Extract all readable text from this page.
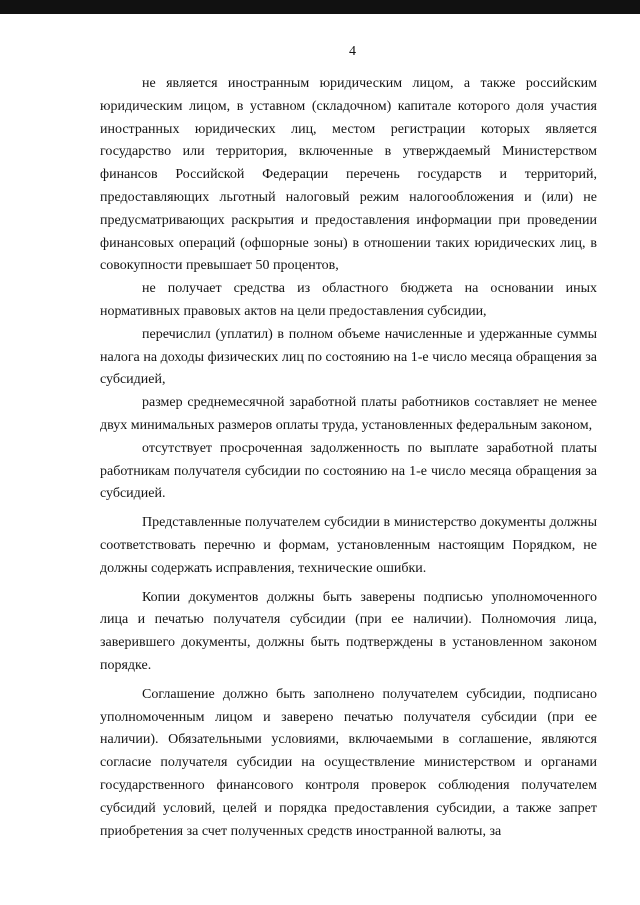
4

не является иностранным юридическим лицом, а также российским юридическим лицом, в уставном (складочном) капитале которого доля участия иностранных юридических лиц, местом регистрации которых является государство или территория, включенные в утверждаемый Министерством финансов Российской Федерации перечень государств и территорий, предоставляющих льготный налоговый режим налогообложения и (или) не предусматривающих раскрытия и предоставления информации при проведении финансовых операций (офшорные зоны) в отношении таких юридических лиц, в совокупности превышает 50 процентов,

не получает средства из областного бюджета на основании иных нормативных правовых актов на цели предоставления субсидии,

перечислил (уплатил) в полном объеме начисленные и удержанные суммы налога на доходы физических лиц по состоянию на 1-е число месяца обращения за субсидией,

размер среднемесячной заработной платы работников составляет не менее двух минимальных размеров оплаты труда, установленных федеральным законом,

отсутствует просроченная задолженность по выплате заработной платы работникам получателя субсидии по состоянию на 1-е число месяца обращения за субсидией.

Представленные получателем субсидии в министерство документы должны соответствовать перечню и формам, установленным настоящим Порядком, не должны содержать исправления, технические ошибки.

Копии документов должны быть заверены подписью уполномоченного лица и печатью получателя субсидии (при ее наличии). Полномочия лица, заверившего документы, должны быть подтверждены в установленном законом порядке.

Соглашение должно быть заполнено получателем субсидии, подписано уполномоченным лицом и заверено печатью получателя субсидии (при ее наличии). Обязательными условиями, включаемыми в соглашение, являются согласие получателя субсидии на осуществление министерством и органами государственного финансового контроля проверок соблюдения получателем субсидий условий, целей и порядка предоставления субсидии, а также запрет приобретения за счет полученных средств иностранной валюты, за
